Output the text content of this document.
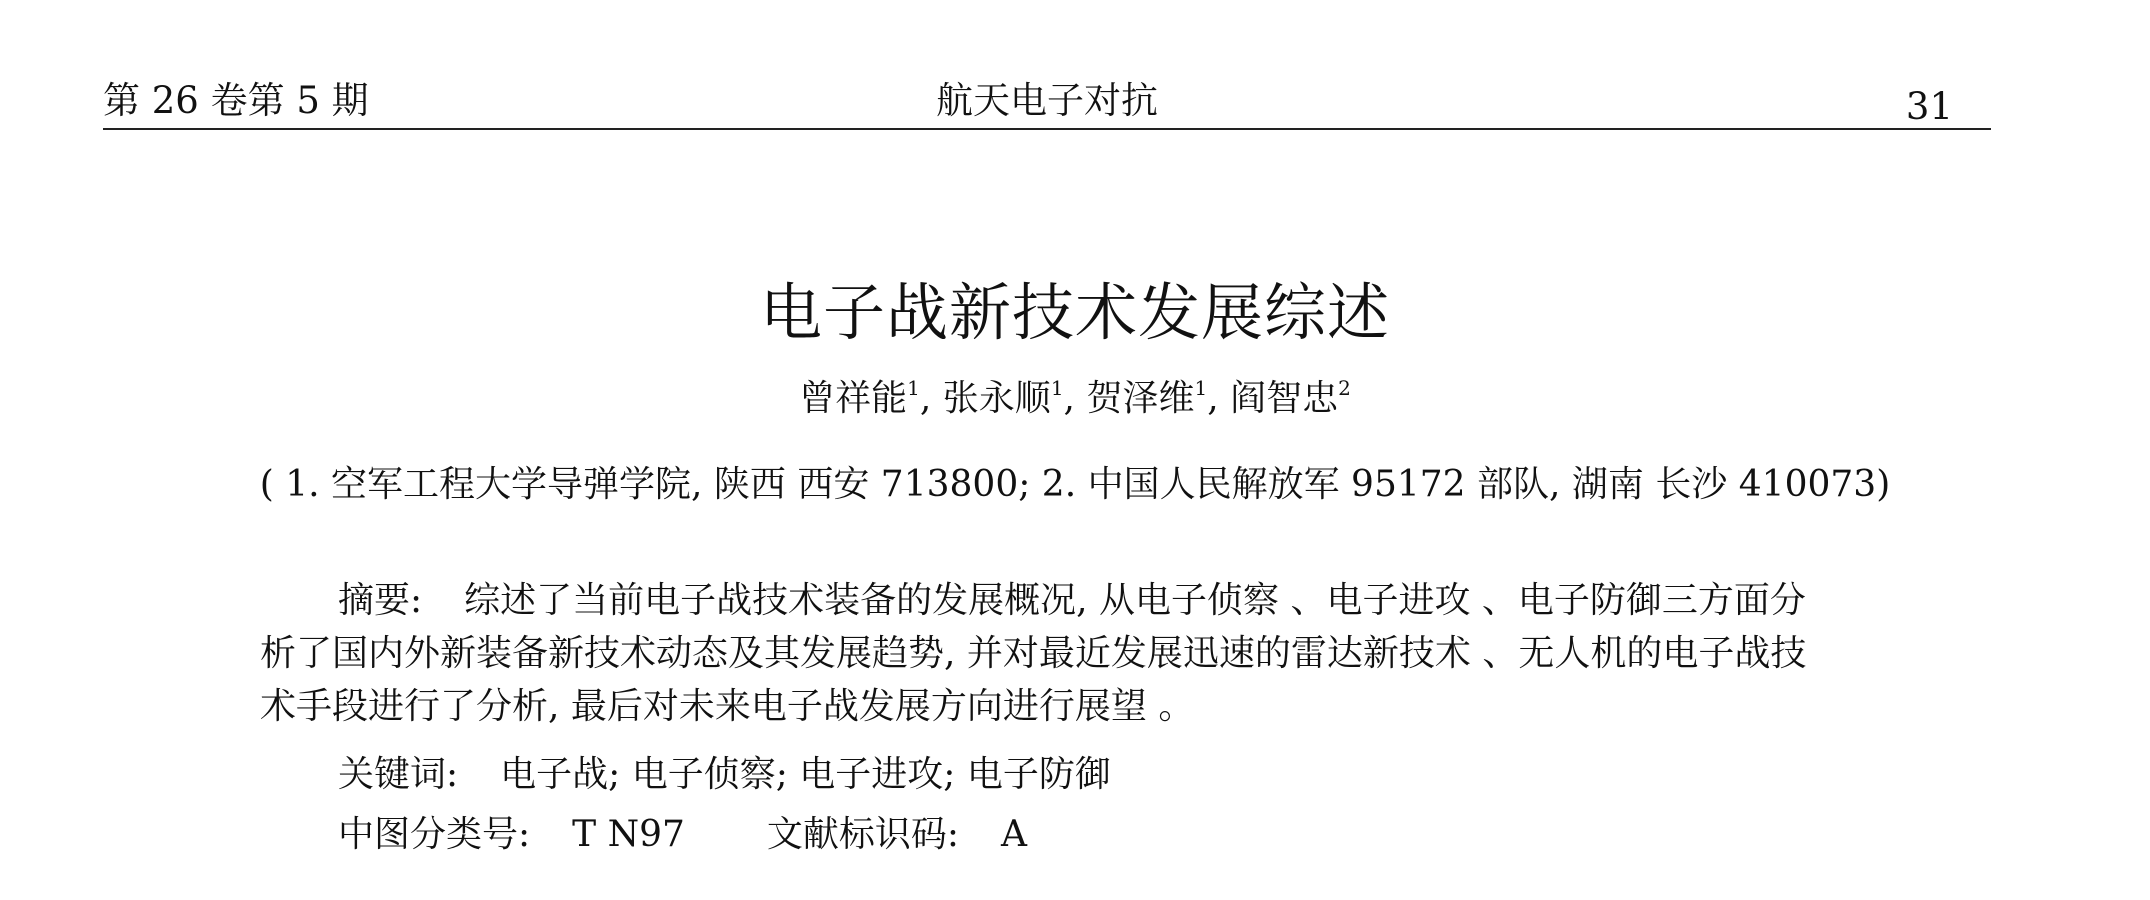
第 26 卷第 5 期	航天电子对抗	31
电子战新技术发展综述
曾祥能$^1$, 张永顺$^1$, 贺泽维$^1$, 阎智忠$^2$
( 1. 空军工程大学导弹学院, 陕西 西安 713800; 2. 中国人民解放军 95172 部队, 湖南 长沙 410073)
摘要: 综述了当前电子战技术装备的发展概况, 从电子侦察 、电子进攻 、电子防御三方面分析了国内外新装备新技术动态及其发展趋势, 并对最近发展迅速的雷达新技术 、无人机的电子战技术手段进行了分析, 最后对未来电子战发展方向进行展望 。
关键词: 电子战; 电子侦察; 电子进攻; 电子防御
中图分类号: T N97 文献标识码: A
